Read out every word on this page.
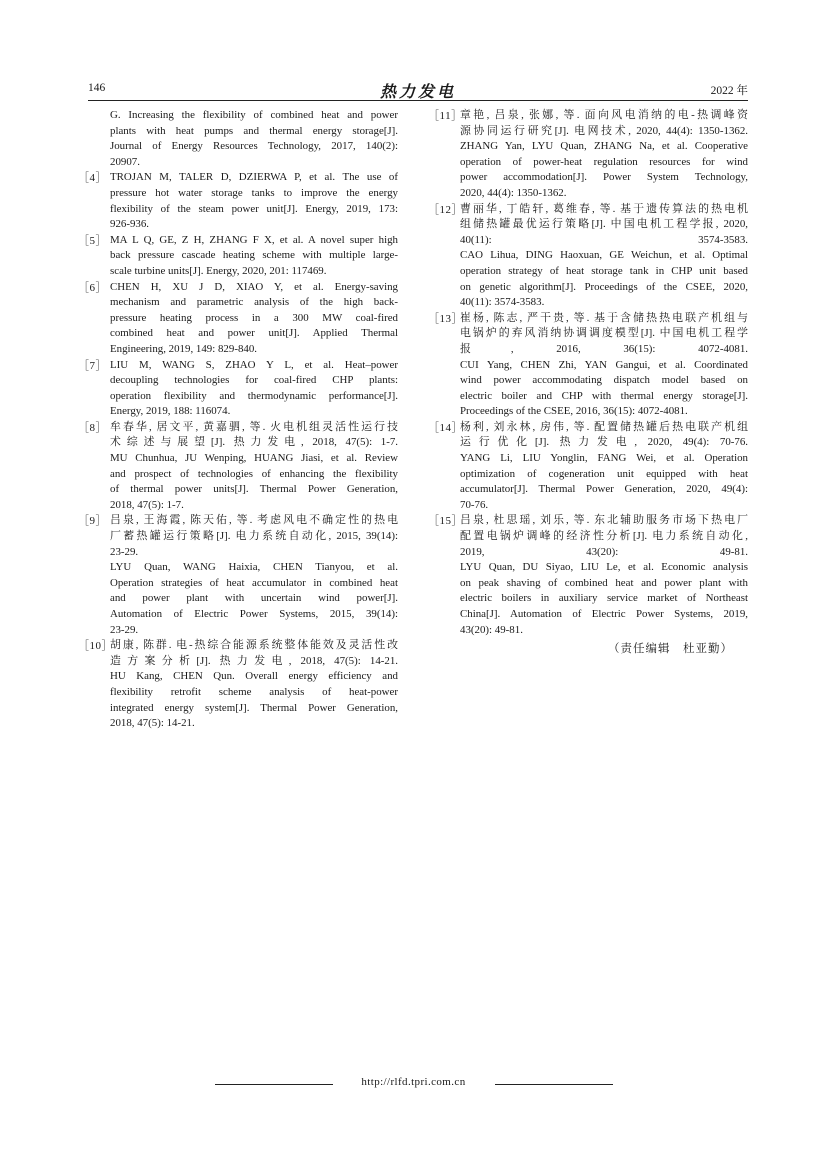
146	热力发电	2022 年
G. Increasing the flexibility of combined heat and power
plants with heat pumps and thermal energy storage[J].
Journal of Energy Resources Technology, 2017, 140(2):
20907.
［4］ TROJAN M, TALER D, DZIERWA P, et al. The use of
pressure hot water storage tanks to improve the energy
flexibility of the steam power unit[J]. Energy, 2019, 173:
926-936.
［5］ MA L Q, GE, Z H, ZHANG F X, et al. A novel super high
back pressure cascade heating scheme with multiple large-
scale turbine units[J]. Energy, 2020, 201: 117469.
［6］ CHEN H, XU J D, XIAO Y, et al. Energy-saving
mechanism and parametric analysis of the high back-
pressure heating process in a 300 MW coal-fired
combined heat and power unit[J]. Applied Thermal
Engineering, 2019, 149: 829-840.
［7］ LIU M, WANG S, ZHAO Y L, et al. Heat–power
decoupling technologies for coal-fired CHP plants:
operation flexibility and thermodynamic performance[J].
Energy, 2019, 188: 116074.
［8］ 牟春华, 居文平, 黄嘉驷, 等. 火电机组灵活性运行技
术综述与展望[J]. 热力发电, 2018, 47(5): 1-7.
MU Chunhua, JU Wenping, HUANG Jiasi, et al. Review
and prospect of technologies of enhancing the flexibility
of thermal power units[J]. Thermal Power Generation,
2018, 47(5): 1-7.
［9］ 吕泉, 王海霞, 陈天佑, 等. 考虑风电不确定性的热电
厂蓄热罐运行策略[J]. 电力系统自动化, 2015, 39(14):
23-29.
LYU Quan, WANG Haixia, CHEN Tianyou, et al.
Operation strategies of heat accumulator in combined heat
and power plant with uncertain wind power[J].
Automation of Electric Power Systems, 2015, 39(14):
23-29.
［10］
胡康, 陈群. 电-热综合能源系统整体能效及灵活性改
造方案分析[J]. 热力发电, 2018, 47(5): 14-21.
HU Kang, CHEN Qun. Overall energy efficiency and
flexibility retrofit scheme analysis of heat-power
integrated energy system[J]. Thermal Power Generation,
2018, 47(5): 14-21.
［11］
章艳, 吕泉, 张娜, 等. 面向风电消纳的电-热调峰资
源协同运行研究[J]. 电网技术, 2020, 44(4): 1350-1362.
ZHANG Yan, LYU Quan, ZHANG Na, et al. Cooperative
operation of power-heat regulation resources for wind
power accommodation[J]. Power System Technology,
2020, 44(4): 1350-1362.
［12］
曹丽华, 丁皓轩, 葛维春, 等. 基于遗传算法的热电机
组储热罐最优运行策略[J]. 中国电机工程学报, 2020,
40(11): 3574-3583.
CAO Lihua, DING Haoxuan, GE Weichun, et al. Optimal
operation strategy of heat storage tank in CHP unit based
on genetic algorithm[J]. Proceedings of the CSEE, 2020,
40(11): 3574-3583.
［13］
崔杨, 陈志, 严干贵, 等. 基于含储热热电联产机组与
电锅炉的弃风消纳协调调度模型[J]. 中国电机工程学
报, 2016, 36(15): 4072-4081.
CUI Yang, CHEN Zhi, YAN Gangui, et al. Coordinated
wind power accommodating dispatch model based on
electric boiler and CHP with thermal energy storage[J].
Proceedings of the CSEE, 2016, 36(15): 4072-4081.
［14］
杨利, 刘永林, 房伟, 等. 配置储热罐后热电联产机组
运行优化[J]. 热力发电, 2020, 49(4): 70-76.
YANG Li, LIU Yonglin, FANG Wei, et al. Operation
optimization of cogeneration unit equipped with heat
accumulator[J]. Thermal Power Generation, 2020, 49(4):
70-76.
［15］
吕泉, 杜思瑶, 刘乐, 等. 东北辅助服务市场下热电厂
配置电锅炉调峰的经济性分析[J]. 电力系统自动化,
2019, 43(20): 49-81.
LYU Quan, DU Siyao, LIU Le, et al. Economic analysis
on peak shaving of combined heat and power plant with
electric boilers in auxiliary service market of Northeast
China[J]. Automation of Electric Power Systems, 2019,
43(20): 49-81.
（责任编辑　杜亚勤）
http://rlfd.tpri.com.cn
